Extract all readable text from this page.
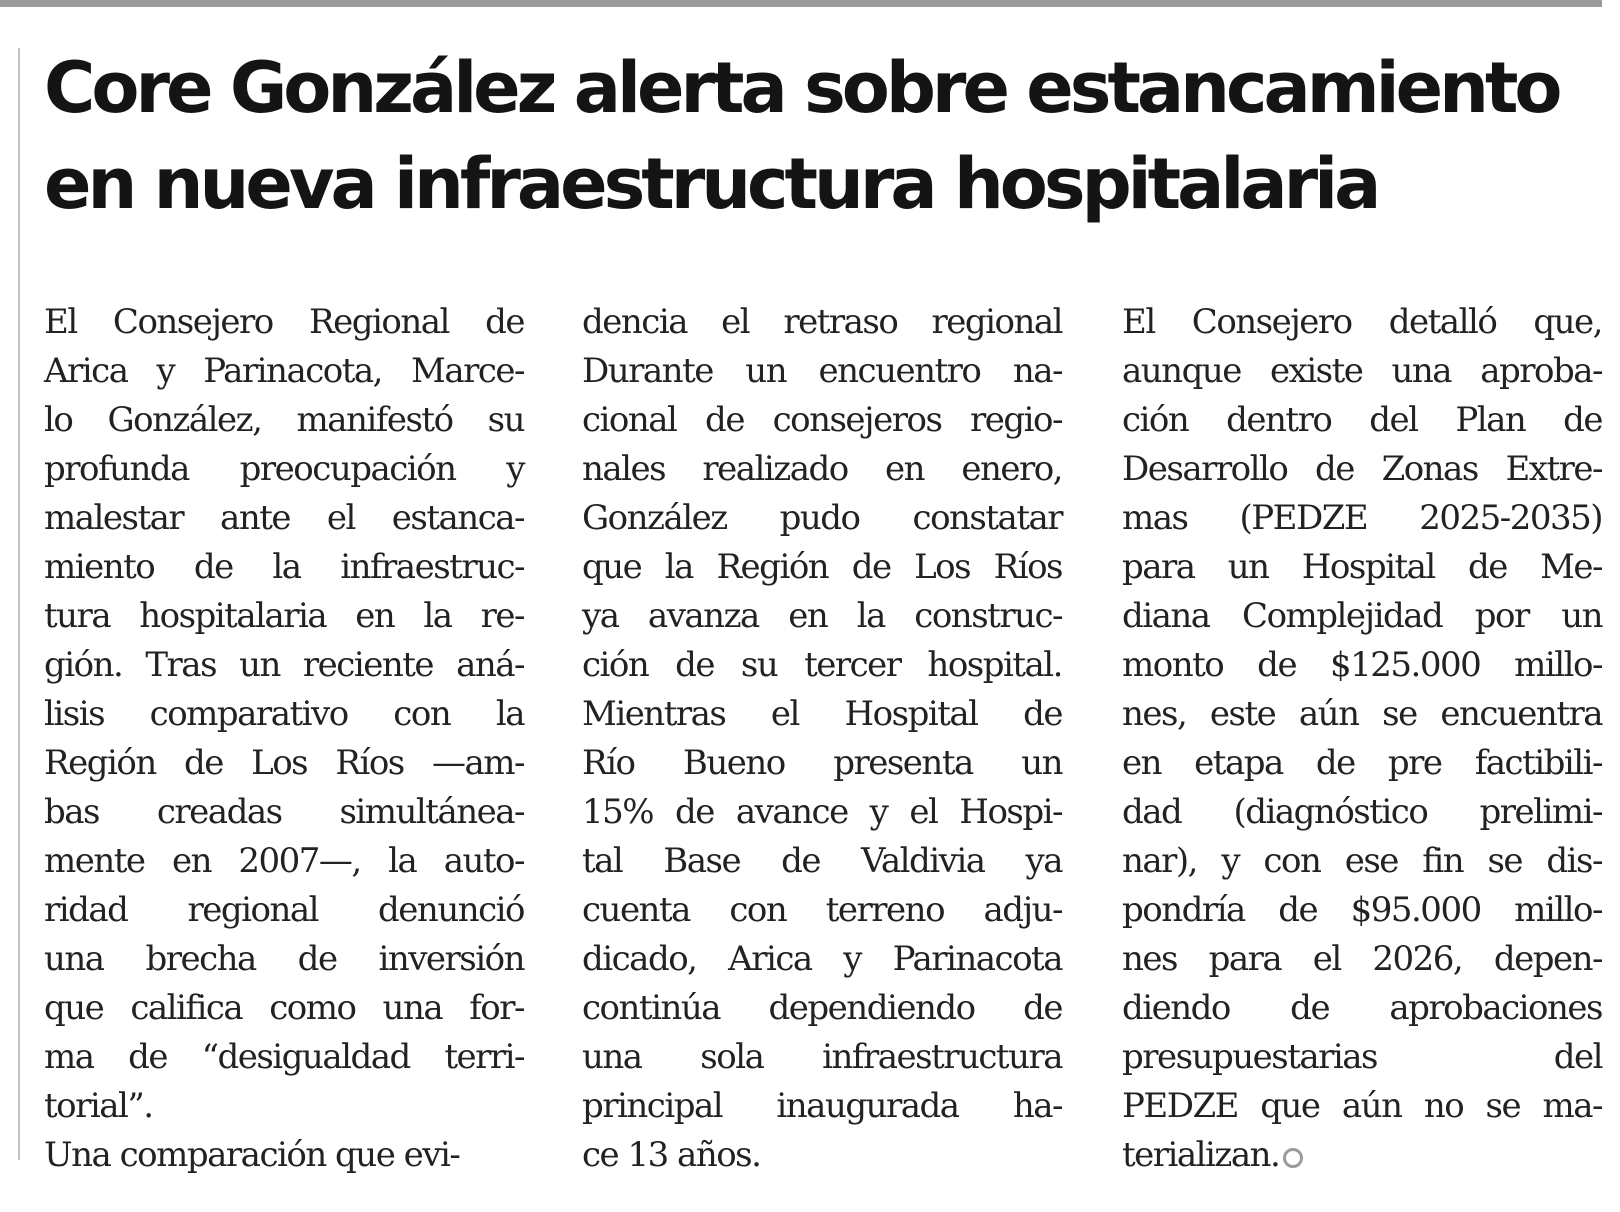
Core González alerta sobre estancamiento
en nueva infraestructura hospitalaria
El Consejero Regional de
Arica y Parinacota, Marce-
lo González, manifestó su
profunda preocupación y
malestar ante el estanca-
miento de la infraestruc-
tura hospitalaria en la re-
gión. Tras un reciente aná-
lisis comparativo con la
Región de Los Ríos —am-
bas creadas simultánea-
mente en 2007—, la auto-
ridad regional denunció
una brecha de inversión
que califica como una for-
ma de “desigualdad terri-
torial”.
Una comparación que evi-
dencia el retraso regional
Durante un encuentro na-
cional de consejeros regio-
nales realizado en enero,
González pudo constatar
que la Región de Los Ríos
ya avanza en la construc-
ción de su tercer hospital.
Mientras el Hospital de
Río Bueno presenta un
15% de avance y el Hospi-
tal Base de Valdivia ya
cuenta con terreno adju-
dicado, Arica y Parinacota
continúa dependiendo de
una sola infraestructura
principal inaugurada ha-
ce 13 años.
El Consejero detalló que,
aunque existe una aproba-
ción dentro del Plan de
Desarrollo de Zonas Extre-
mas (PEDZE 2025-2035)
para un Hospital de Me-
diana Complejidad por un
monto de $125.000 millo-
nes, este aún se encuentra
en etapa de pre factibili-
dad (diagnóstico prelimi-
nar), y con ese fin se dis-
pondría de $95.000 millo-
nes para el 2026, depen-
diendo de aprobaciones
presupuestarias del
PEDZE que aún no se ma-
terializan.
